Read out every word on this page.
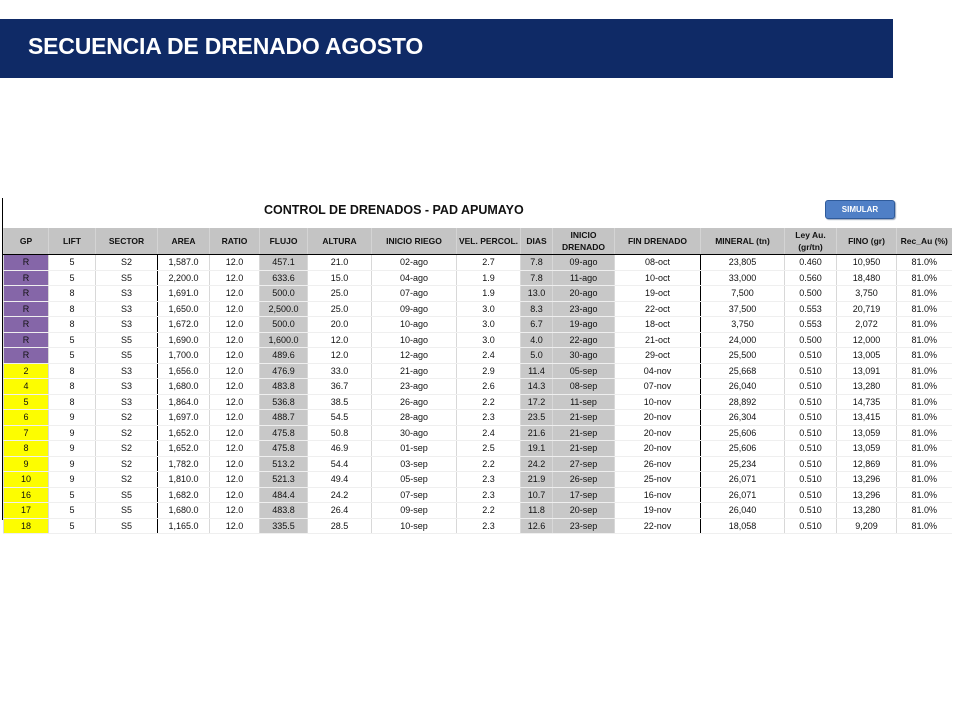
SECUENCIA DE DRENADO AGOSTO
CONTROL DE DRENADOS - PAD APUMAYO	SIMULAR
GP	LIFT	SECTOR	AREA	RATIO	FLUJO	ALTURA	INICIO RIEGO	VEL. PERCOL.	DIAS	INICIO DRENADO	FIN DRENADO	MINERAL (tn)	Ley Au. (gr/tn)	FINO (gr)	Rec_Au (%)
R	5	S2	1,587.0	12.0	457.1	21.0	02-ago	2.7	7.8	09-ago	08-oct	23,805	0.460	10,950	81.0%
R	5	S5	2,200.0	12.0	633.6	15.0	04-ago	1.9	7.8	11-ago	10-oct	33,000	0.560	18,480	81.0%
R	8	S3	1,691.0	12.0	500.0	25.0	07-ago	1.9	13.0	20-ago	19-oct	7,500	0.500	3,750	81.0%
R	8	S3	1,650.0	12.0	2,500.0	25.0	09-ago	3.0	8.3	23-ago	22-oct	37,500	0.553	20,719	81.0%
R	8	S3	1,672.0	12.0	500.0	20.0	10-ago	3.0	6.7	19-ago	18-oct	3,750	0.553	2,072	81.0%
R	5	S5	1,690.0	12.0	1,600.0	12.0	10-ago	3.0	4.0	22-ago	21-oct	24,000	0.500	12,000	81.0%
R	5	S5	1,700.0	12.0	489.6	12.0	12-ago	2.4	5.0	30-ago	29-oct	25,500	0.510	13,005	81.0%
2	8	S3	1,656.0	12.0	476.9	33.0	21-ago	2.9	11.4	05-sep	04-nov	25,668	0.510	13,091	81.0%
4	8	S3	1,680.0	12.0	483.8	36.7	23-ago	2.6	14.3	08-sep	07-nov	26,040	0.510	13,280	81.0%
5	8	S3	1,864.0	12.0	536.8	38.5	26-ago	2.2	17.2	11-sep	10-nov	28,892	0.510	14,735	81.0%
6	9	S2	1,697.0	12.0	488.7	54.5	28-ago	2.3	23.5	21-sep	20-nov	26,304	0.510	13,415	81.0%
7	9	S2	1,652.0	12.0	475.8	50.8	30-ago	2.4	21.6	21-sep	20-nov	25,606	0.510	13,059	81.0%
8	9	S2	1,652.0	12.0	475.8	46.9	01-sep	2.5	19.1	21-sep	20-nov	25,606	0.510	13,059	81.0%
9	9	S2	1,782.0	12.0	513.2	54.4	03-sep	2.2	24.2	27-sep	26-nov	25,234	0.510	12,869	81.0%
10	9	S2	1,810.0	12.0	521.3	49.4	05-sep	2.3	21.9	26-sep	25-nov	26,071	0.510	13,296	81.0%
16	5	S5	1,682.0	12.0	484.4	24.2	07-sep	2.3	10.7	17-sep	16-nov	26,071	0.510	13,296	81.0%
17	5	S5	1,680.0	12.0	483.8	26.4	09-sep	2.2	11.8	20-sep	19-nov	26,040	0.510	13,280	81.0%
18	5	S5	1,165.0	12.0	335.5	28.5	10-sep	2.3	12.6	23-sep	22-nov	18,058	0.510	9,209	81.0%
